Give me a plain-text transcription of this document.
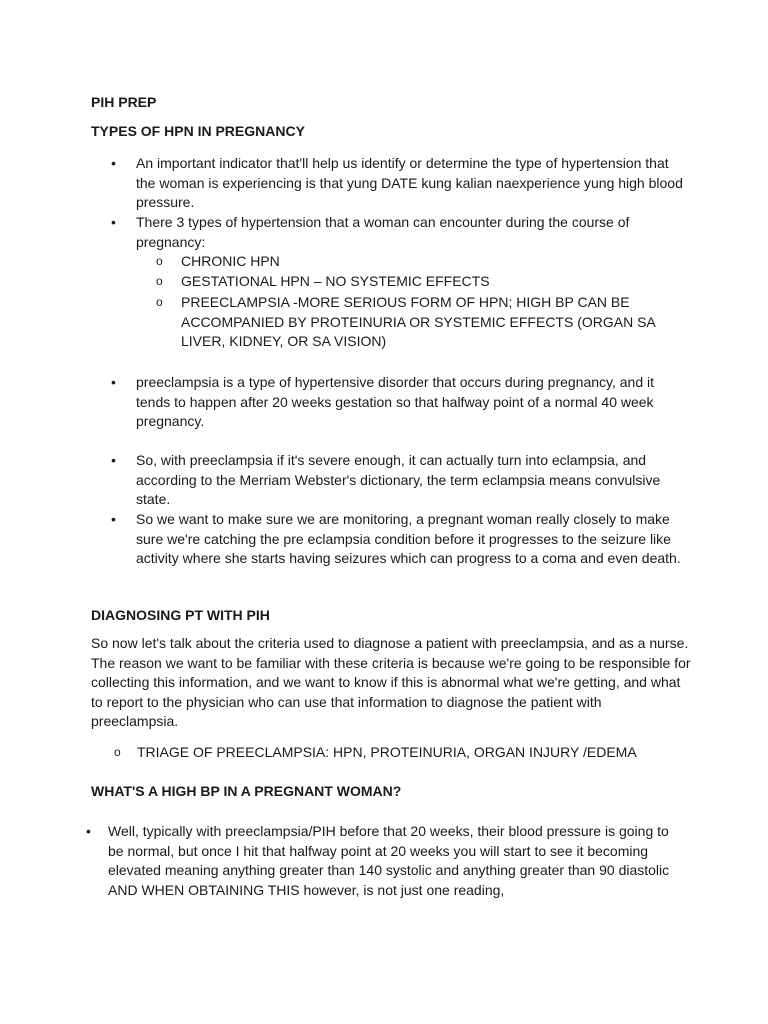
PIH PREP

TYPES OF HPN IN PREGNANCY

• An important indicator that'll help us identify or determine the type of hypertension that the woman is experiencing is that yung DATE kung kalian naexperience yung high blood pressure.
• There 3 types of hypertension that a woman can encounter during the course of pregnancy:
o CHRONIC HPN
o GESTATIONAL HPN – NO SYSTEMIC EFFECTS
o PREECLAMPSIA -MORE SERIOUS FORM OF HPN; HIGH BP CAN BE ACCOMPANIED BY PROTEINURIA OR SYSTEMIC EFFECTS (ORGAN SA LIVER, KIDNEY, OR SA VISION)
• preeclampsia is a type of hypertensive disorder that occurs during pregnancy, and it tends to happen after 20 weeks gestation so that halfway point of a normal 40 week pregnancy.
• So, with preeclampsia if it's severe enough, it can actually turn into eclampsia, and according to the Merriam Webster's dictionary, the term eclampsia means convulsive state.
• So we want to make sure we are monitoring, a pregnant woman really closely to make sure we're catching the pre eclampsia condition before it progresses to the seizure like activity where she starts having seizures which can progress to a coma and even death.

DIAGNOSING PT WITH PIH

So now let's talk about the criteria used to diagnose a patient with preeclampsia, and as a nurse. The reason we want to be familiar with these criteria is because we're going to be responsible for collecting this information, and we want to know if this is abnormal what we're getting, and what to report to the physician who can use that information to diagnose the patient with preeclampsia.

o TRIAGE OF PREECLAMPSIA: HPN, PROTEINURIA, ORGAN INJURY /EDEMA

WHAT'S A HIGH BP IN A PREGNANT WOMAN?

• Well, typically with preeclampsia/PIH before that 20 weeks, their blood pressure is going to be normal, but once I hit that halfway point at 20 weeks you will start to see it becoming elevated meaning anything greater than 140 systolic and anything greater than 90 diastolic AND WHEN OBTAINING THIS however, is not just one reading,
